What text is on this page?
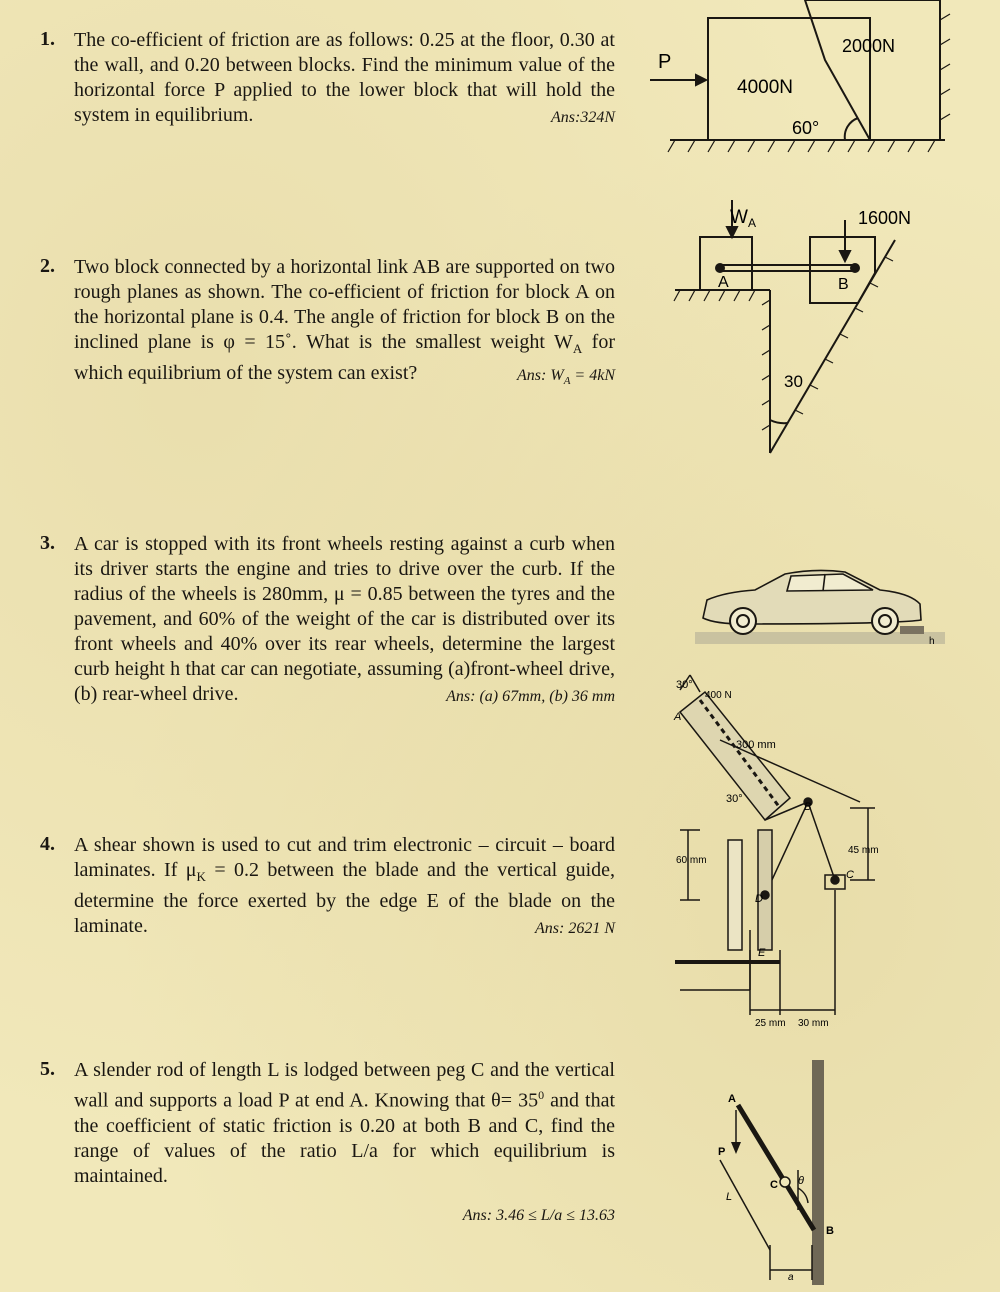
1. The co-efficient of friction are as follows: 0.25 at the floor, 0.30 at the wall, and 0.20 between blocks. Find the minimum value of the horizontal force P applied to the lower block that will hold the system in equilibrium.	Ans:324N
P
4000N
2000N
60°
2. Two block connected by a horizontal link AB are supported on two rough planes as shown. The co-efficient of friction for block A on the horizontal plane is 0.4. The angle of friction for block B on the inclined plane is φ = 15˚. What is the smallest weight $W_A$ for which equilibrium of the system can exist?	Ans: $W_A = 4kN$
$W_A$	1600N
A	B
30
3. A car is stopped with its front wheels resting against a curb when its driver starts the engine and tries to drive over the curb. If the radius of the wheels is 280mm, μ = 0.85 between the tyres and the pavement, and 60% of the weight of the car is distributed over its front wheels and 40% over its rear wheels, determine the largest curb height h that car can negotiate, assuming (a)front-wheel drive, (b) rear-wheel drive.	Ans: (a) 67mm, (b) 36 mm
h
4. A shear shown is used to cut and trim electronic – circuit – board laminates. If $\mu_K = 0.2$ between the blade and the vertical guide, determine the force exerted by the edge E of the blade on the laminate.	Ans: 2621 N
30°
400 N
300 mm
30°
45 mm
60 mm
25 mm 30 mm
A
B
C
D
E
5. A slender rod of length L is lodged between peg C and the vertical wall and supports a load P at end A. Knowing that $\theta= 35^0$ and that the coefficient of static friction is 0.20 at both B and C, find the range of values of the ratio L/a for which equilibrium is maintained.
Ans: 3.46 ≤ L/a ≤ 13.63
A
P
L
C
B
θ
a
